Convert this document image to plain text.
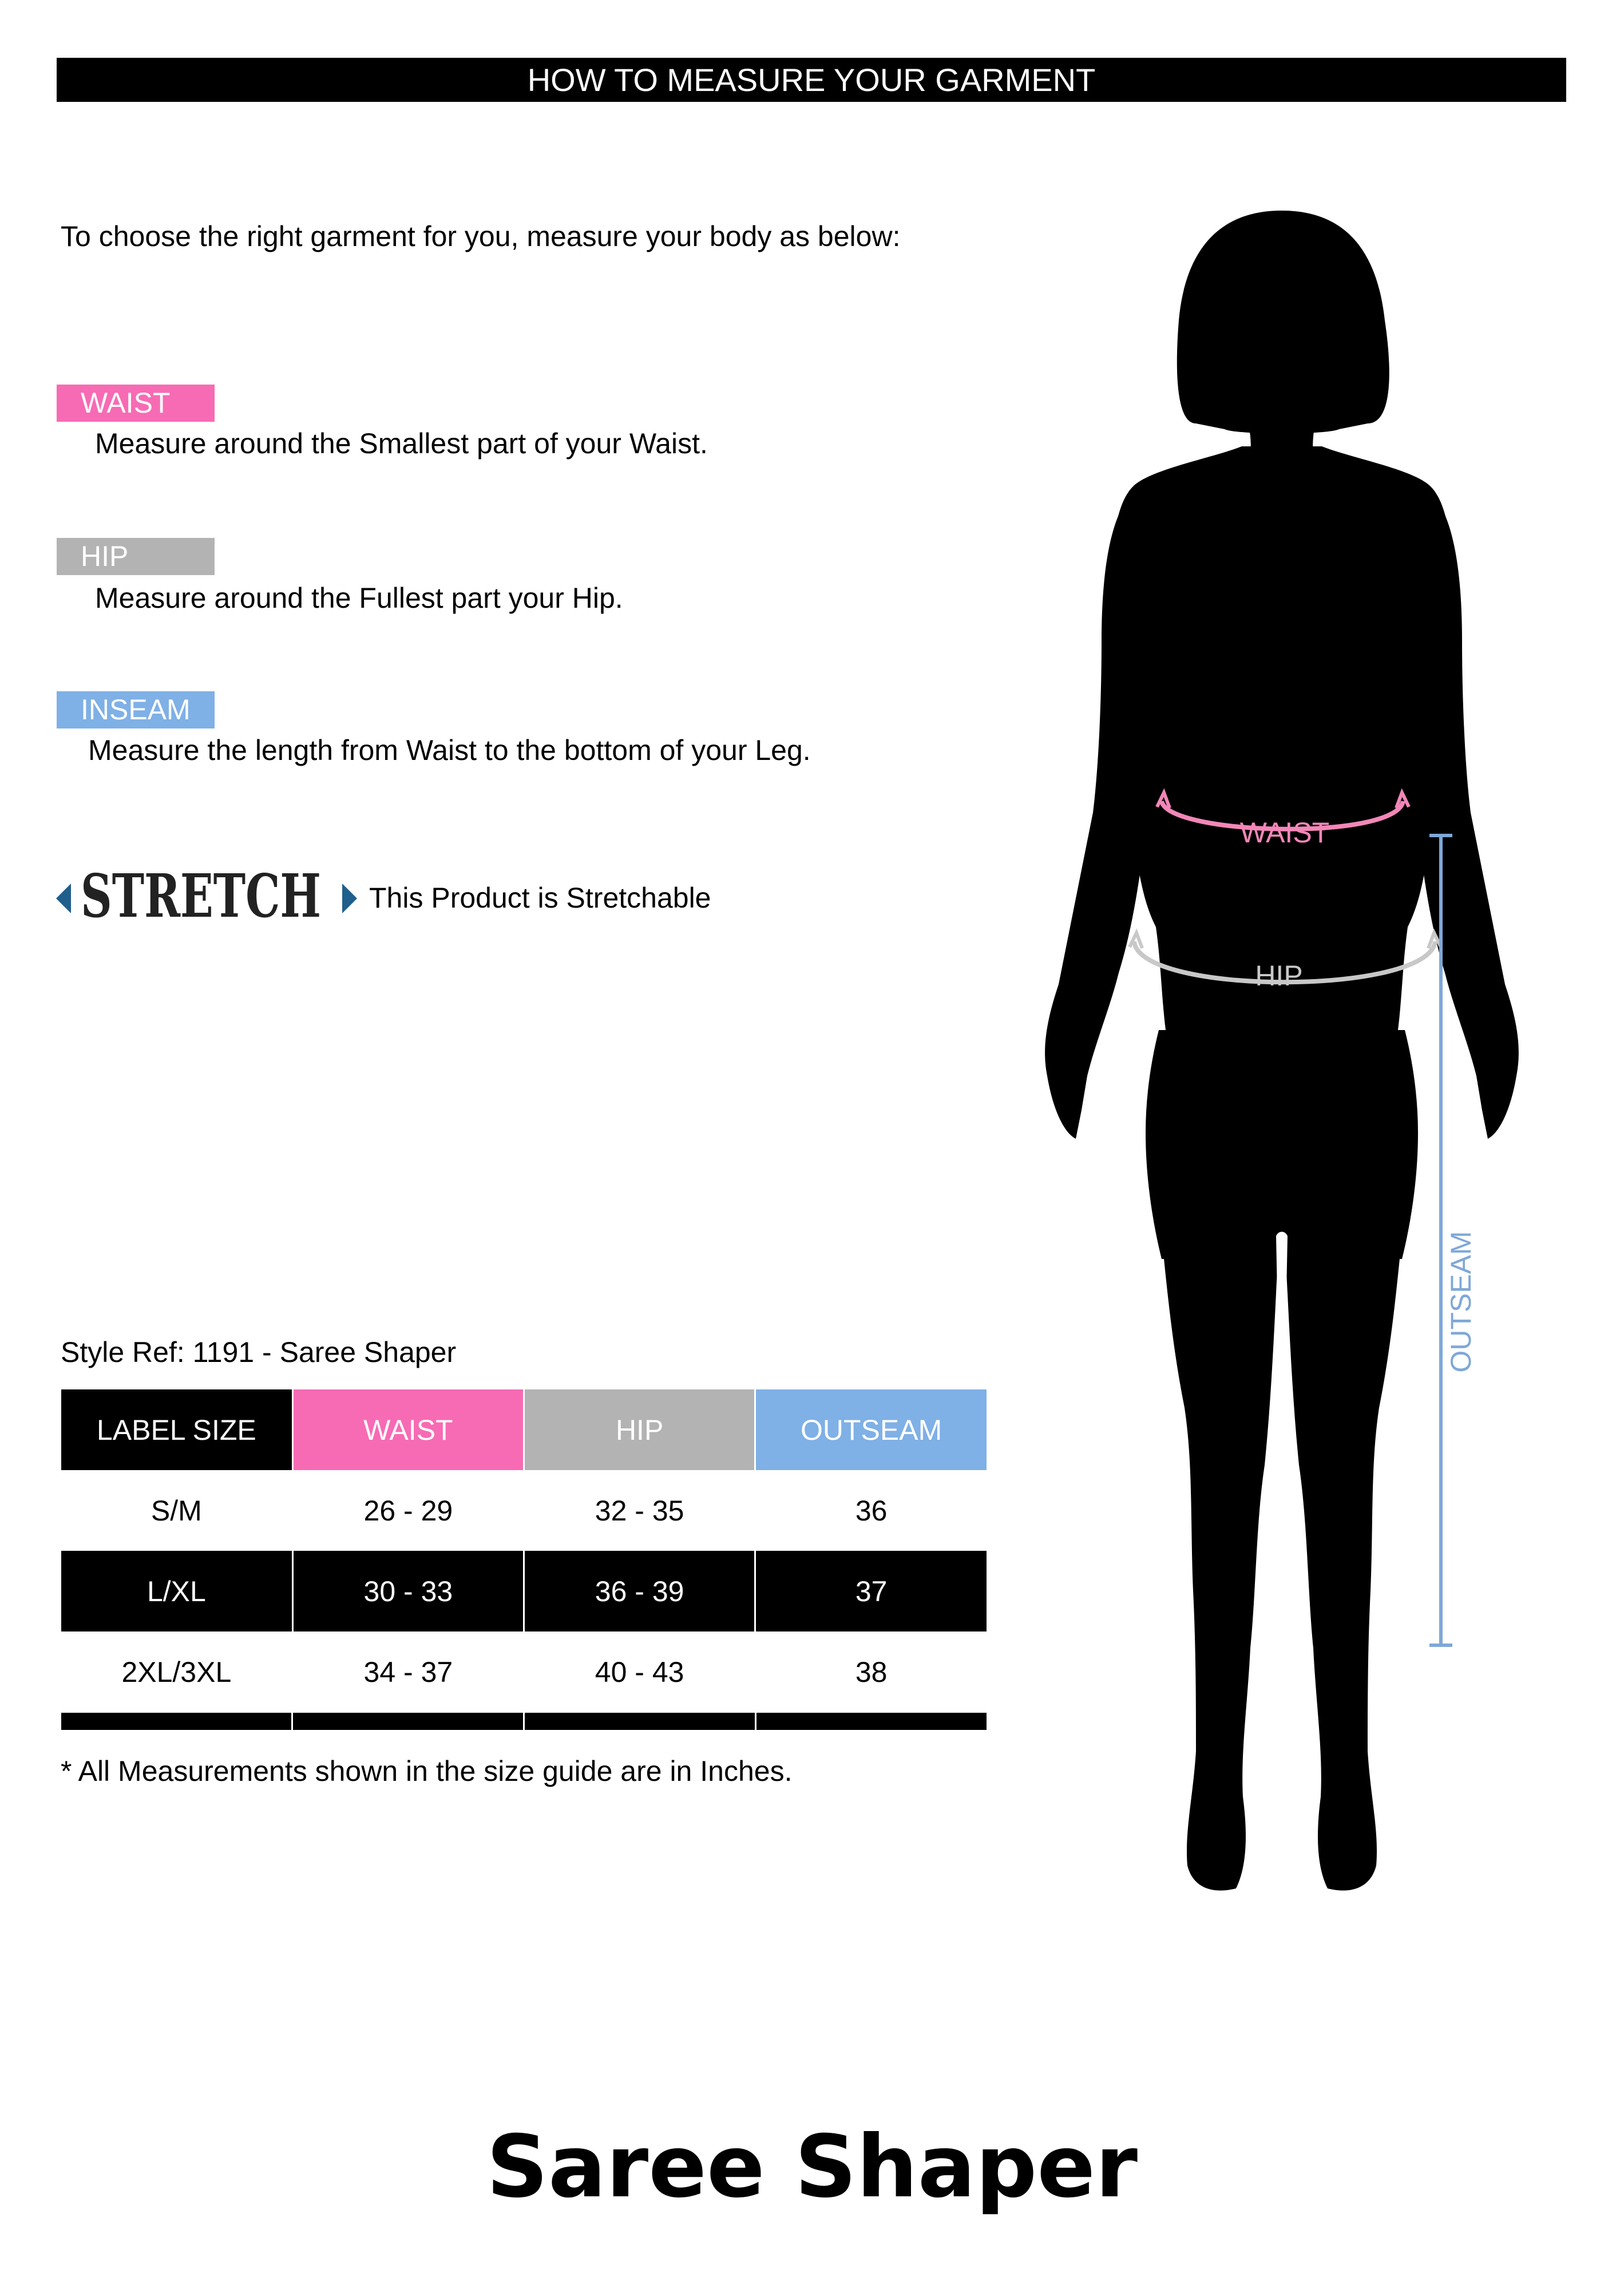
HOW TO MEASURE YOUR GARMENT
To choose the right garment for you, measure your body as below:
WAIST
Measure around the Smallest part of your Waist.
HIP
Measure around the Fullest part your Hip.
INSEAM
Measure the length from Waist to the bottom of your Leg.
STRETCH This Product is Stretchable
Style Ref: 1191 - Saree Shaper
LABEL SIZE	WAIST	HIP	OUTSEAM
S/M	26 - 29	32 - 35	36
L/XL	30 - 33	36 - 39	37
2XL/3XL	34 - 37	40 - 43	38
* All Measurements shown in the size guide are in Inches.
WAIST
HIP
OUTSEAM
Saree Shaper
